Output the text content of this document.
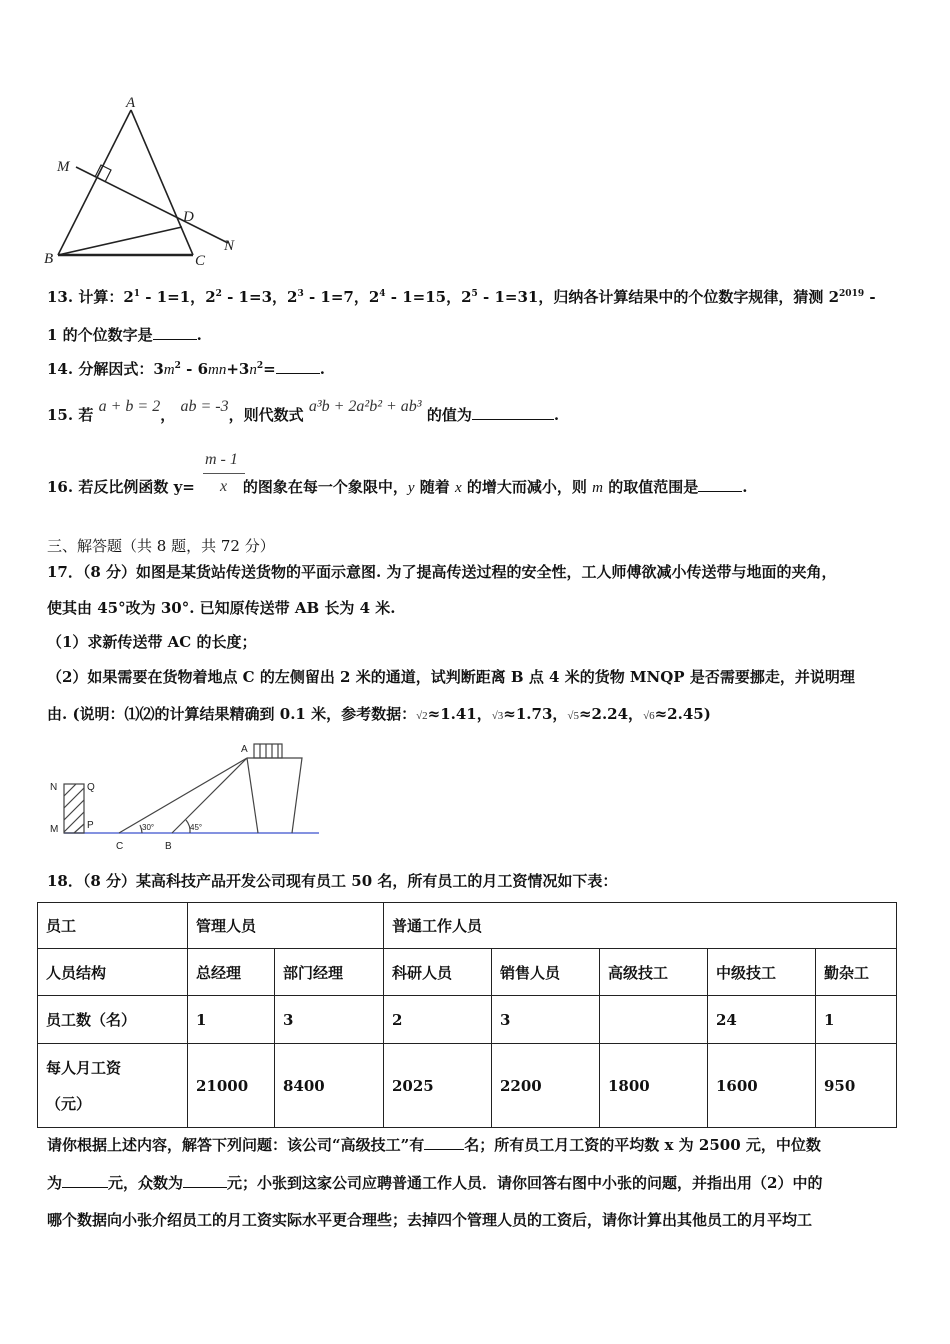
A
M
D
N
B	C
13. 计算：$2^1 - 1=1$，$2^2 - 1=3$，$2^3 - 1=7$，$2^4 - 1=15$，$2^5 - 1=31$，归纳各计算结果中的个位数字规律，猜测 $2^{2019}$ -
1 的个位数字是	.
14. 分解因式：$3m^2 - 6mn+3n^2=$	.
15. 若 a + b = 2， ab = -3，则代数式 a³b + 2a²b² + ab³ 的值为	.
m - 1
x
16. 若反比例函数 y=	的图象在每一个象限中，y 随着 x 的增大而减小，则 m 的取值范围是	.
三、解答题（共 8 题，共 72 分）
17．（8 分）如图是某货站传送货物的平面示意图. 为了提高传送过程的安全性，工人师傅欲减小传送带与地面的夹角，
使其由 45°改为 30°. 已知原传送带 AB 长为 4 米.
（1）求新传送带 AC 的长度；
（2）如果需要在货物着地点 C 的左侧留出 2 米的通道，试判断距离 B 点 4 米的货物 MNQP 是否需要挪走，并说明理
由. (说明：⑴⑵的计算结果精确到 0.1 米，参考数据：√2≈1.41，√3≈1.73，√5≈2.24，√6≈2.45)
A
N	Q
M	P
C	B
30°	45°
18．（8 分）某高科技产品开发公司现有员工 50 名，所有员工的月工资情况如下表：
员工	管理人员		普通工作人员				
人员结构	总经理	部门经理	科研人员	销售人员	高级技工	中级技工	勤杂工
员工数（名）	1	3	2	3		24	1

每人月工资
（元）	21000	8400	2025	2200	1800	1600	950
请你根据上述内容，解答下列问题：该公司“高级技工”有	名；所有员工月工资的平均数 x 为 2500 元，中位数
为	元，众数为	元；小张到这家公司应聘普通工作人员．请你回答右图中小张的问题，并指出用（2）中的
哪个数据向小张介绍员工的月工资实际水平更合理些；去掉四个管理人员的工资后，请你计算出其他员工的月平均工
